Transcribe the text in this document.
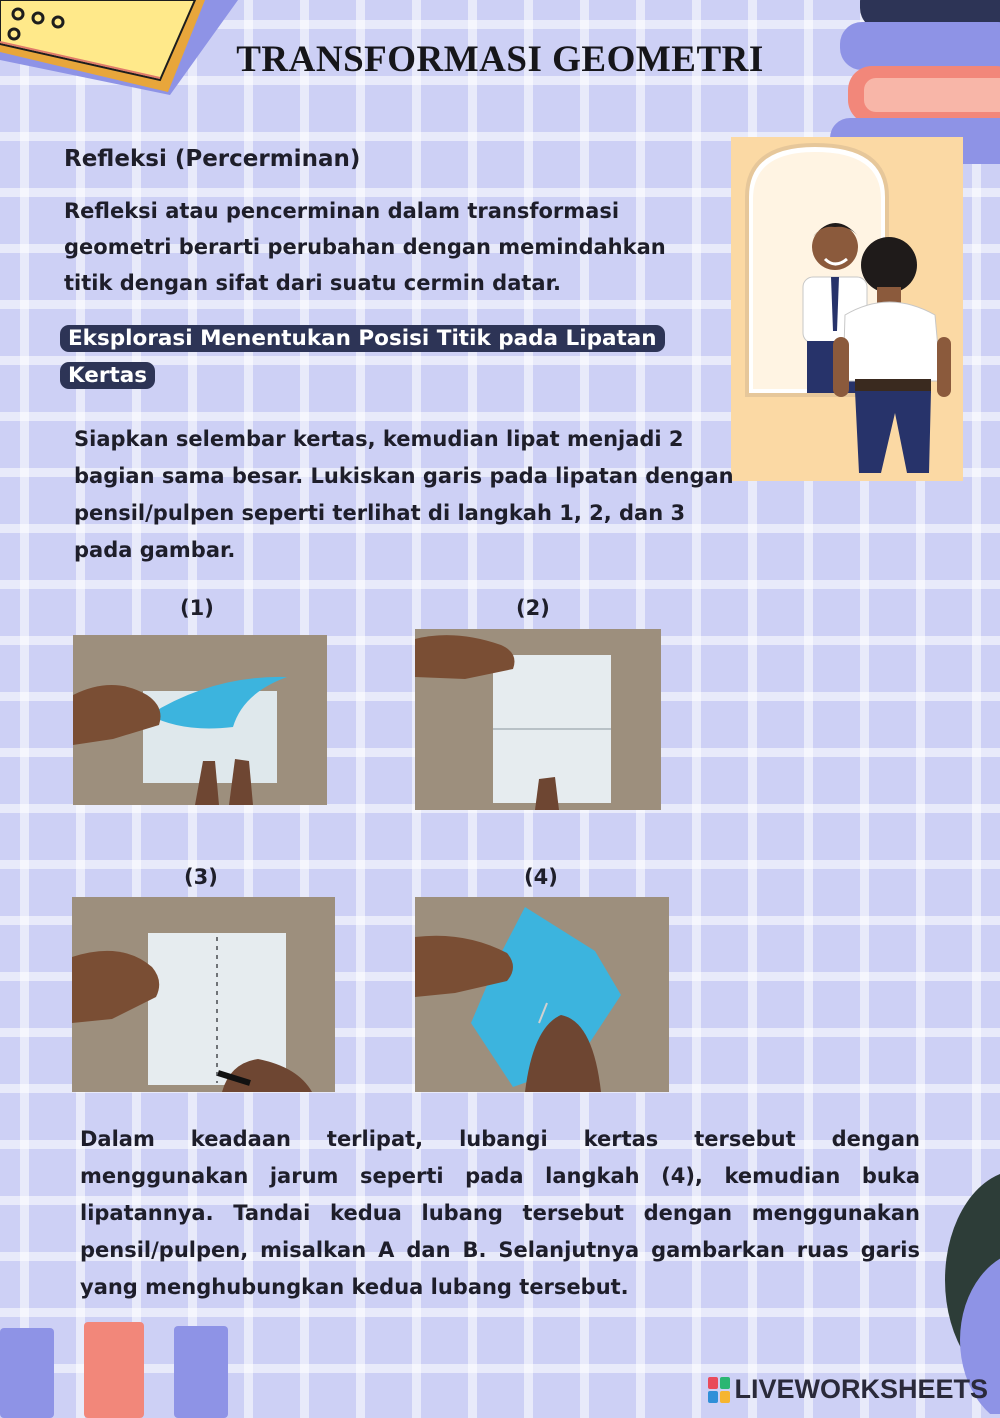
TRANSFORMASI GEOMETRI
Refleksi (Percerminan)

Refleksi atau pencerminan dalam transformasi geometri berarti perubahan dengan memindahkan titik dengan sifat dari suatu cermin datar.

Eksplorasi Menentukan Posisi Titik pada Lipatan Kertas

Siapkan selembar kertas, kemudian lipat menjadi 2 bagian sama besar. Lukiskan garis pada lipatan dengan pensil/pulpen seperti terlihat di langkah 1, 2, dan 3 pada gambar.

(1)	(2)
(3)	(4)

Dalam keadaan terlipat, lubangi kertas tersebut dengan menggunakan jarum seperti pada langkah (4), kemudian buka lipatannya. Tandai kedua lubang tersebut dengan menggunakan pensil/pulpen, misalkan A dan B. Selanjutnya gambarkan ruas garis yang menghubungkan kedua lubang tersebut.

LIVEWORKSHEETS
